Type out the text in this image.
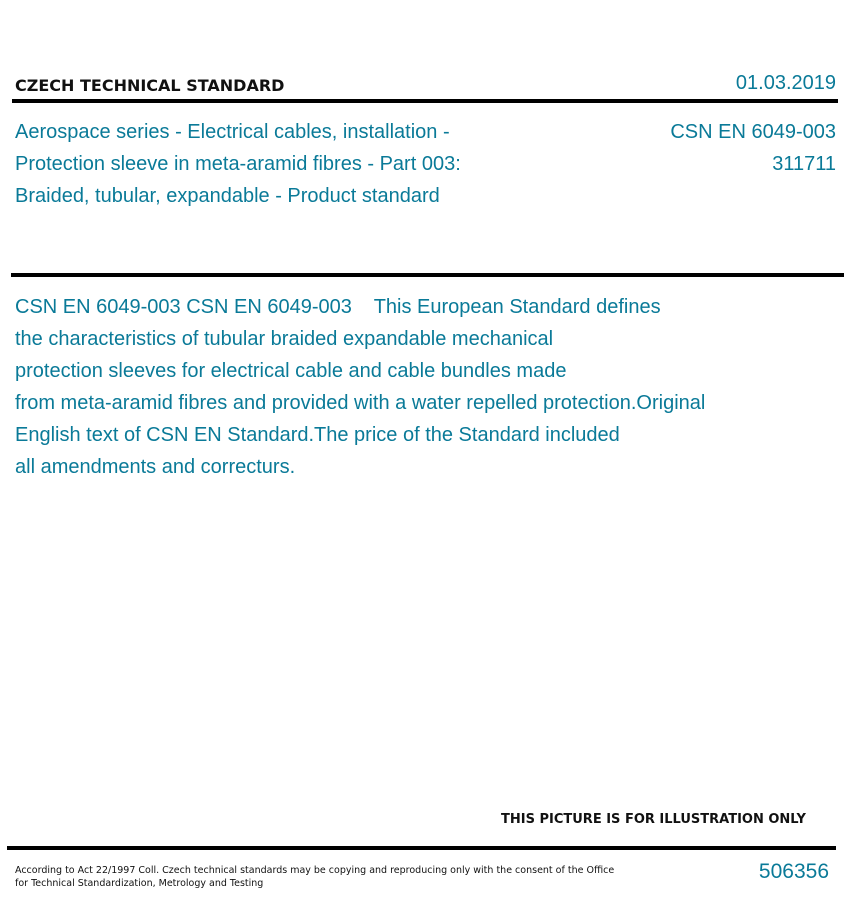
CZECH TECHNICAL STANDARD	01.03.2019
Aerospace series - Electrical cables, installation -
Protection sleeve in meta-aramid fibres - Part 003:
Braided, tubular, expandable - Product standard
CSN EN 6049-003
311711
CSN EN 6049-003 CSN EN 6049-003    This European Standard defines
the characteristics of tubular braided expandable mechanical
protection sleeves for electrical cable and cable bundles made
from meta-aramid fibres and provided with a water repelled protection.Original
English text of CSN EN Standard.The price of the Standard included
all amendments and correcturs.
THIS PICTURE IS FOR ILLUSTRATION ONLY
According to Act 22/1997 Coll. Czech technical standards may be copying and reproducing only with the consent of the Office
for Technical Standardization, Metrology and Testing
506356
